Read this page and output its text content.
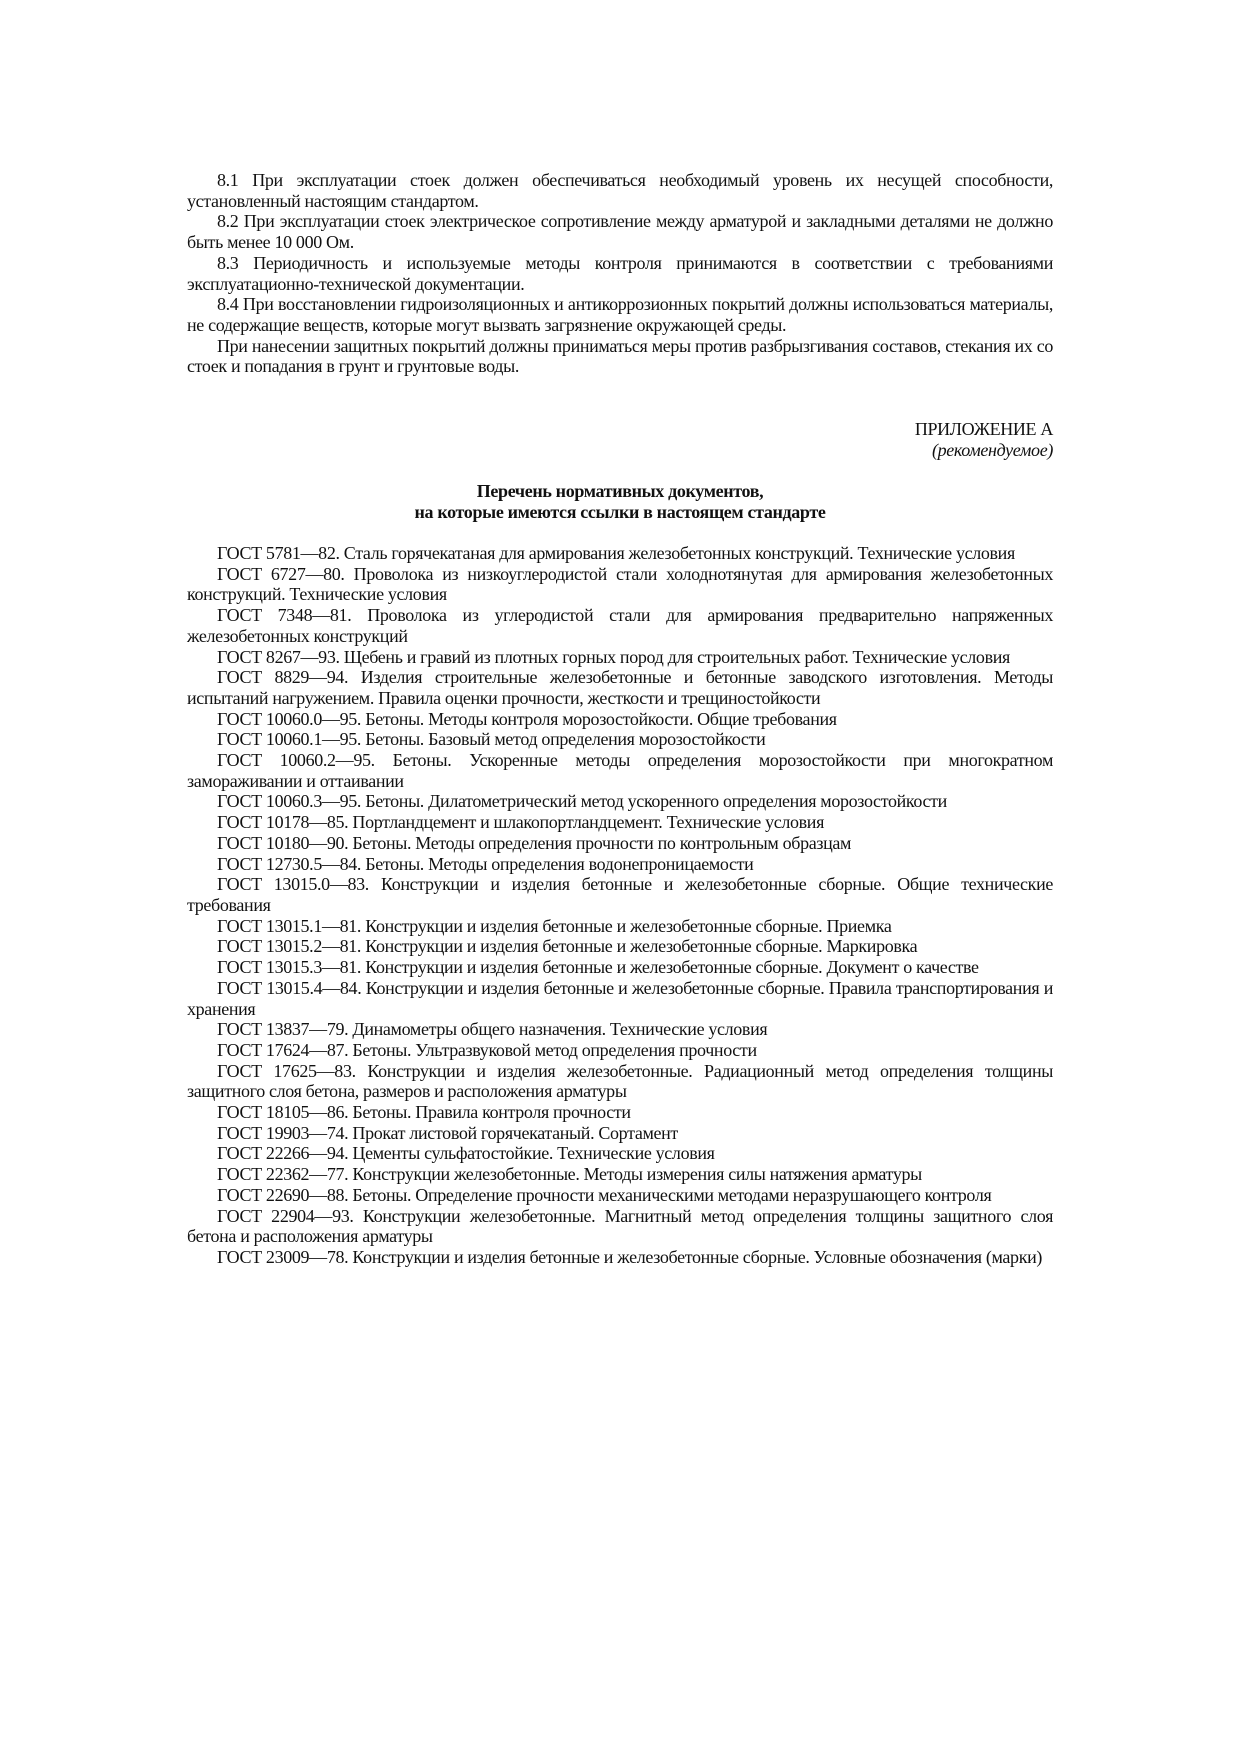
8.1 При эксплуатации стоек должен обеспечиваться необходимый уровень их несущей способности, установленный настоящим стандартом.

8.2 При эксплуатации стоек электрическое сопротивление между арматурой и закладными деталями не должно быть менее 10 000 Ом.

8.3 Периодичность и используемые методы контроля принимаются в соответствии с требованиями эксплуатационно-технической документации.

8.4 При восстановлении гидроизоляционных и антикоррозионных покрытий должны использоваться материалы, не содержащие веществ, которые могут вызвать загрязнение окружающей среды.

При нанесении защитных покрытий должны приниматься меры против разбрызгивания составов, стекания их со стоек и попадания в грунт и грунтовые воды.

ПРИЛОЖЕНИЕ А
(рекомендуемое)
Перечень нормативных документов,
на которые имеются ссылки в настоящем стандарте

ГОСТ 5781—82. Сталь горячекатаная для армирования железобетонных конструкций. Технические условия

ГОСТ 6727—80. Проволока из низкоуглеродистой стали холоднотянутая для армирования железобетонных конструкций. Технические условия

ГОСТ 7348—81. Проволока из углеродистой стали для армирования предварительно напряженных железобетонных конструкций

ГОСТ 8267—93. Щебень и гравий из плотных горных пород для строительных работ. Технические условия

ГОСТ 8829—94. Изделия строительные железобетонные и бетонные заводского изготовления. Методы испытаний нагружением. Правила оценки прочности, жесткости и трещиностойкости

ГОСТ 10060.0—95. Бетоны. Методы контроля морозостойкости. Общие требования

ГОСТ 10060.1—95. Бетоны. Базовый метод определения морозостойкости

ГОСТ 10060.2—95. Бетоны. Ускоренные методы определения морозостойкости при многократном замораживании и оттаивании

ГОСТ 10060.3—95. Бетоны. Дилатометрический метод ускоренного определения морозостойкости

ГОСТ 10178—85. Портландцемент и шлакопортландцемент. Технические условия

ГОСТ 10180—90. Бетоны. Методы определения прочности по контрольным образцам

ГОСТ 12730.5—84. Бетоны. Методы определения водонепроницаемости

ГОСТ 13015.0—83. Конструкции и изделия бетонные и железобетонные сборные. Общие технические требования

ГОСТ 13015.1—81. Конструкции и изделия бетонные и железобетонные сборные. Приемка

ГОСТ 13015.2—81. Конструкции и изделия бетонные и железобетонные сборные. Маркировка

ГОСТ 13015.3—81. Конструкции и изделия бетонные и железобетонные сборные. Документ о качестве

ГОСТ 13015.4—84. Конструкции и изделия бетонные и железобетонные сборные. Правила транспортирования и хранения

ГОСТ 13837—79. Динамометры общего назначения. Технические условия

ГОСТ 17624—87. Бетоны. Ультразвуковой метод определения прочности

ГОСТ 17625—83. Конструкции и изделия железобетонные. Радиационный метод определения толщины защитного слоя бетона, размеров и расположения арматуры

ГОСТ 18105—86. Бетоны. Правила контроля прочности

ГОСТ 19903—74. Прокат листовой горячекатаный. Сортамент

ГОСТ 22266—94. Цементы сульфатостойкие. Технические условия

ГОСТ 22362—77. Конструкции железобетонные. Методы измерения силы натяжения арматуры

ГОСТ 22690—88. Бетоны. Определение прочности механическими методами неразрушающего контроля

ГОСТ 22904—93. Конструкции железобетонные. Магнитный метод определения толщины защитного слоя бетона и расположения арматуры

ГОСТ 23009—78. Конструкции и изделия бетонные и железобетонные сборные. Условные обозначения (марки)
